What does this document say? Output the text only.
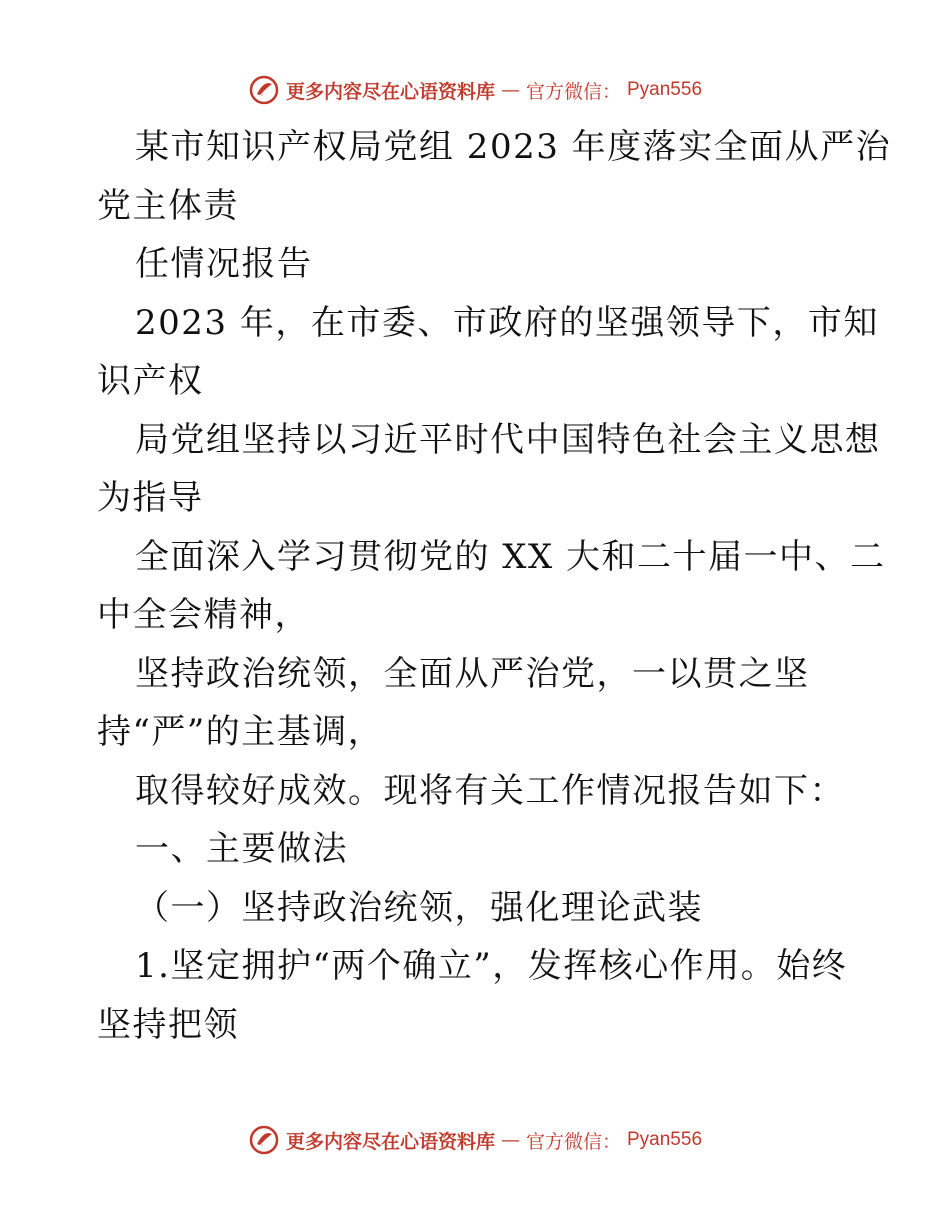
更多内容尽在心语资料库 — 官方微信： Pyan556
某市知识产权局党组 2023 年度落实全面从严治
党主体责
任情况报告
2023 年，在市委、市政府的坚强领导下，市知
识产权
局党组坚持以习近平时代中国特色社会主义思想
为指导
全面深入学习贯彻党的 XX 大和二十届一中、二
中全会精神，
坚持政治统领，全面从严治党，一以贯之坚
持“严”的主基调，
取得较好成效。现将有关工作情况报告如下：
一、主要做法
（一）坚持政治统领，强化理论武装
1.坚定拥护“两个确立”，发挥核心作用。始终
坚持把领
更多内容尽在心语资料库 — 官方微信： Pyan556
